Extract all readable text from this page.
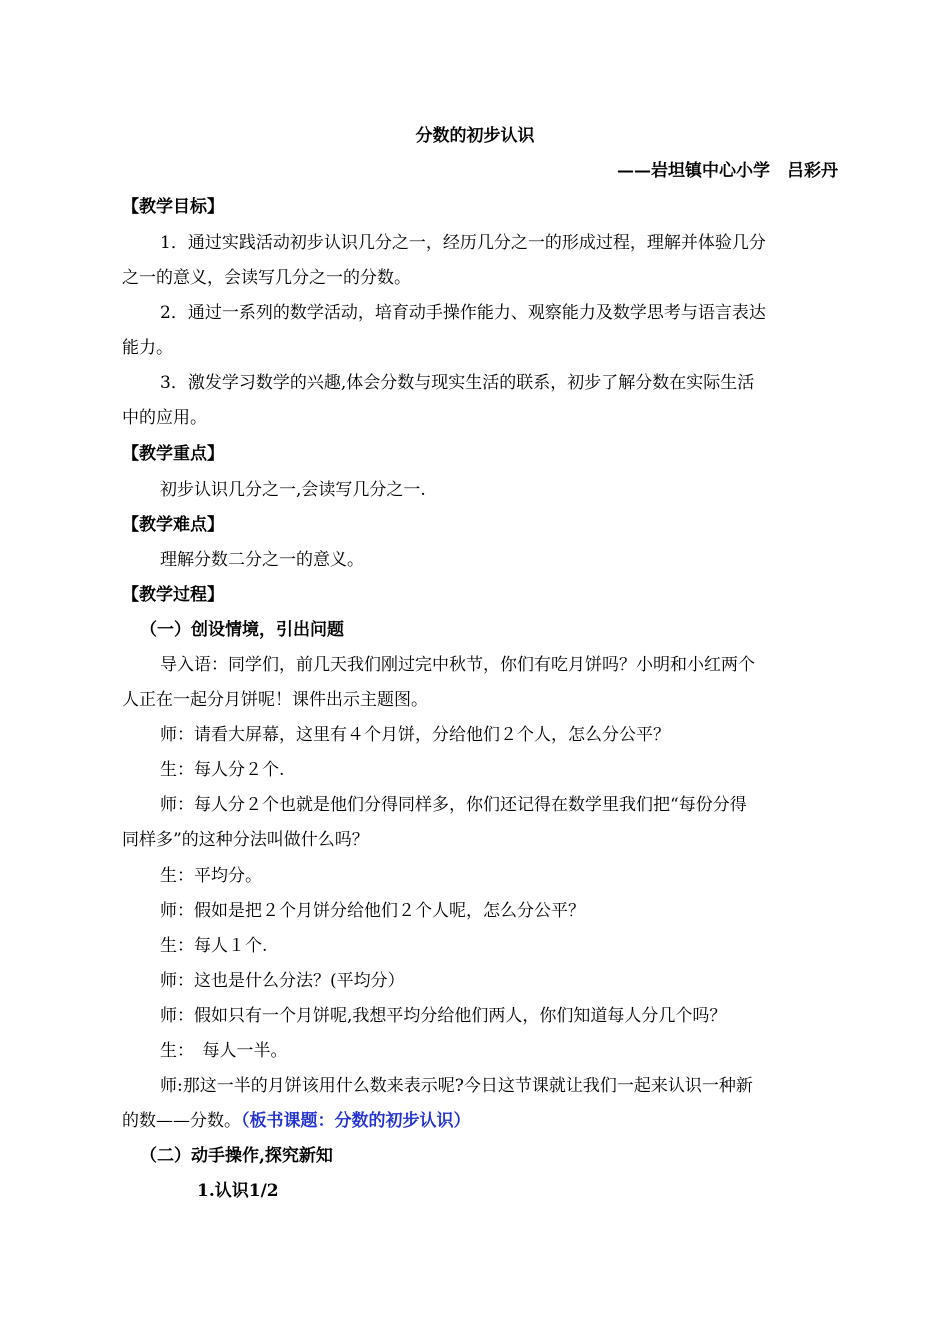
分数的初步认识
——岩坦镇中心小学　吕彩丹
【教学目标】
1．通过实践活动初步认识几分之一，经历几分之一的形成过程，理解并体验几分
之一的意义，会读写几分之一的分数。
2．通过一系列的数学活动，培育动手操作能力、观察能力及数学思考与语言表达
能力。
3．激发学习数学的兴趣,体会分数与现实生活的联系，初步了解分数在实际生活
中的应用。
【教学重点】
初步认识几分之一,会读写几分之一.
【教学难点】
理解分数二分之一的意义。
【教学过程】
（一）创设情境，引出问题
导入语：同学们，前几天我们刚过完中秋节，你们有吃月饼吗？小明和小红两个
人正在一起分月饼呢！课件出示主题图。
师：请看大屏幕，这里有４个月饼，分给他们２个人，怎么分公平？
生：每人分２个.
师：每人分２个也就是他们分得同样多，你们还记得在数学里我们把“每份分得
同样多”的这种分法叫做什么吗？
生：平均分。
师：假如是把２个月饼分给他们２个人呢，怎么分公平？
生：每人１个.
师：这也是什么分法？(平均分）
师：假如只有一个月饼呢,我想平均分给他们两人，你们知道每人分几个吗？
生：　每人一半。
师:那这一半的月饼该用什么数来表示呢?今日这节课就让我们一起来认识一种新
的数——分数。（板书课题：分数的初步认识）
（二）动手操作,探究新知
1.认识1/2
